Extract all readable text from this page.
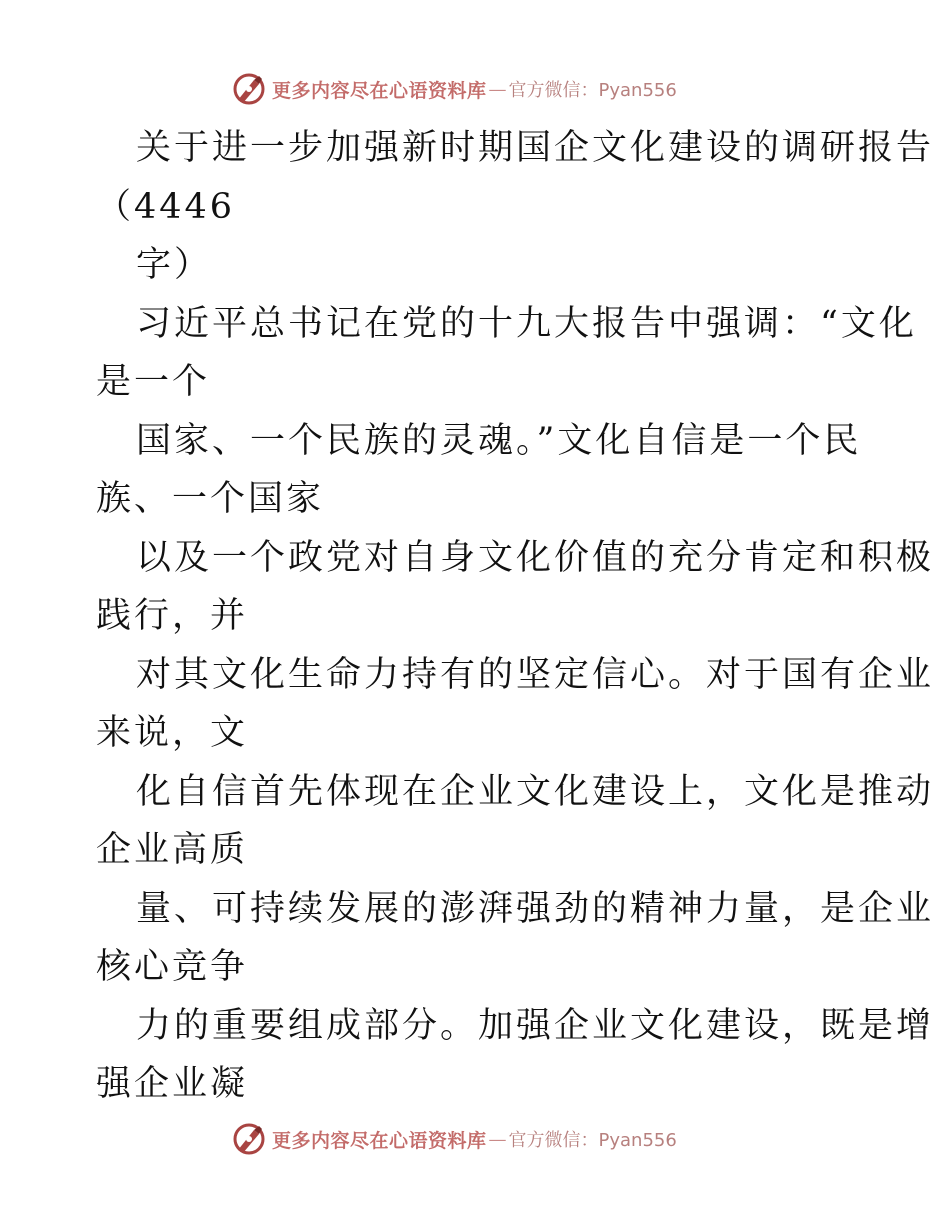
更多内容尽在心语资料库 — 官方微信：Pyan556
关于进一步加强新时期国企文化建设的调研报告
（4446
字）
习近平总书记在党的十九大报告中强调：“文化
是一个
国家、一个民族的灵魂。”文化自信是一个民
族、一个国家
以及一个政党对自身文化价值的充分肯定和积极
践行，并
对其文化生命力持有的坚定信心。对于国有企业
来说，文
化自信首先体现在企业文化建设上，文化是推动
企业高质
量、可持续发展的澎湃强劲的精神力量，是企业
核心竞争
力的重要组成部分。加强企业文化建设，既是增
强企业凝
更多内容尽在心语资料库 — 官方微信：Pyan556
